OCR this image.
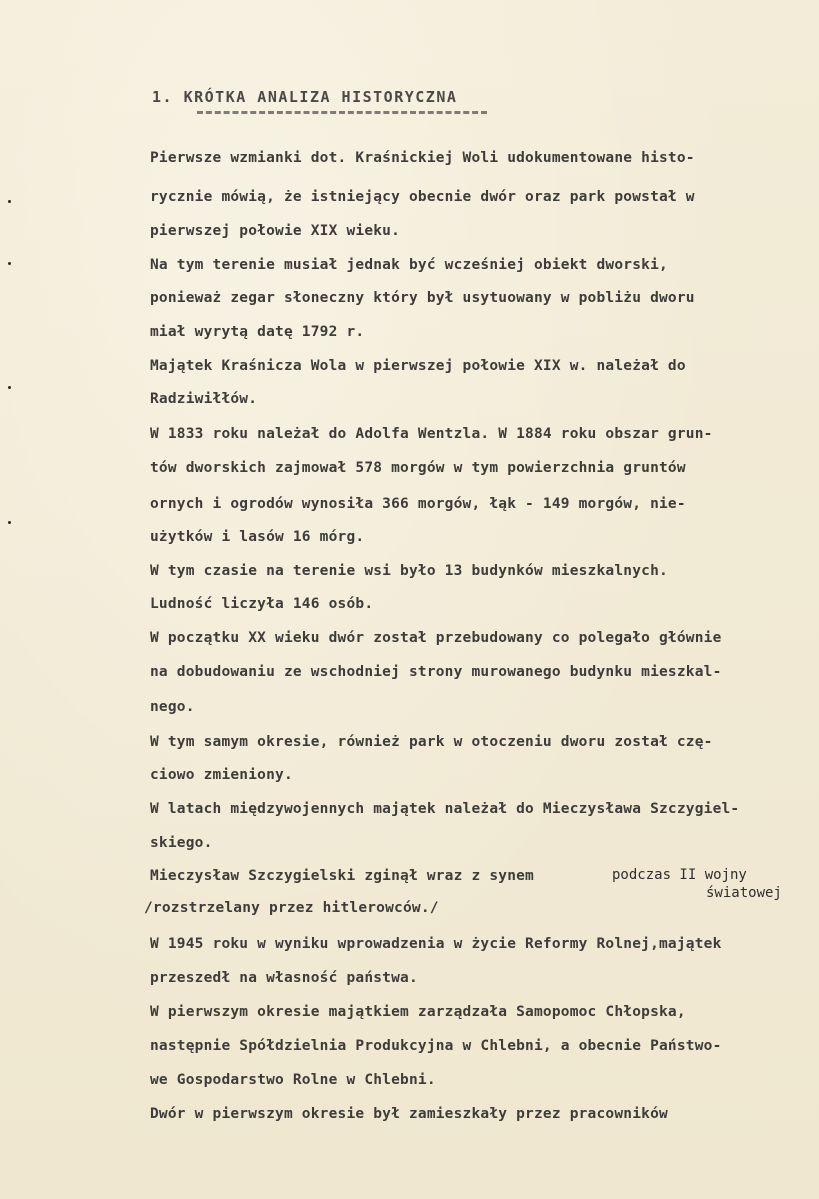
1. KRÓTKA ANALIZA HISTORYCZNA
Pierwsze wzmianki dot. Kraśnickiej Woli udokumentowane histo-
rycznie mówią, że istniejący obecnie dwór oraz park powstał w
pierwszej połowie XIX wieku.
Na tym terenie musiał jednak być wcześniej obiekt dworski,
ponieważ zegar słoneczny który był usytuowany w pobliżu dworu
miał wyrytą datę 1792 r.
Majątek Kraśnicza Wola w pierwszej połowie XIX w. należał do
Radziwiłłów.
W 1833 roku należał do Adolfa Wentzla. W 1884 roku obszar grun-
tów dworskich zajmował 578 morgów w tym powierzchnia gruntów
ornych i ogrodów wynosiła 366 morgów, łąk - 149 morgów, nie-
użytków i lasów 16 mórg.
W tym czasie na terenie wsi było 13 budynków mieszkalnych.
Ludność liczyła 146 osób.
W początku XX wieku dwór został przebudowany co polegało głównie
na dobudowaniu ze wschodniej strony murowanego budynku mieszkal-
nego.
W tym samym okresie, również park w otoczeniu dworu został czę-
ciowo zmieniony.
W latach międzywojennych majątek należał do Mieczysława Szczygiel-
skiego.
Mieczysław Szczygielski zginął wraz z synem	podczas II wojny
światowej
/rozstrzelany przez hitlerowców./
W 1945 roku w wyniku wprowadzenia w życie Reformy Rolnej,majątek
przeszedł na własność państwa.
W pierwszym okresie majątkiem zarządzała Samopomoc Chłopska,
następnie Spółdzielnia Produkcyjna w Chlebni, a obecnie Państwo-
we Gospodarstwo Rolne w Chlebni.
Dwór w pierwszym okresie był zamieszkały przez pracowników
